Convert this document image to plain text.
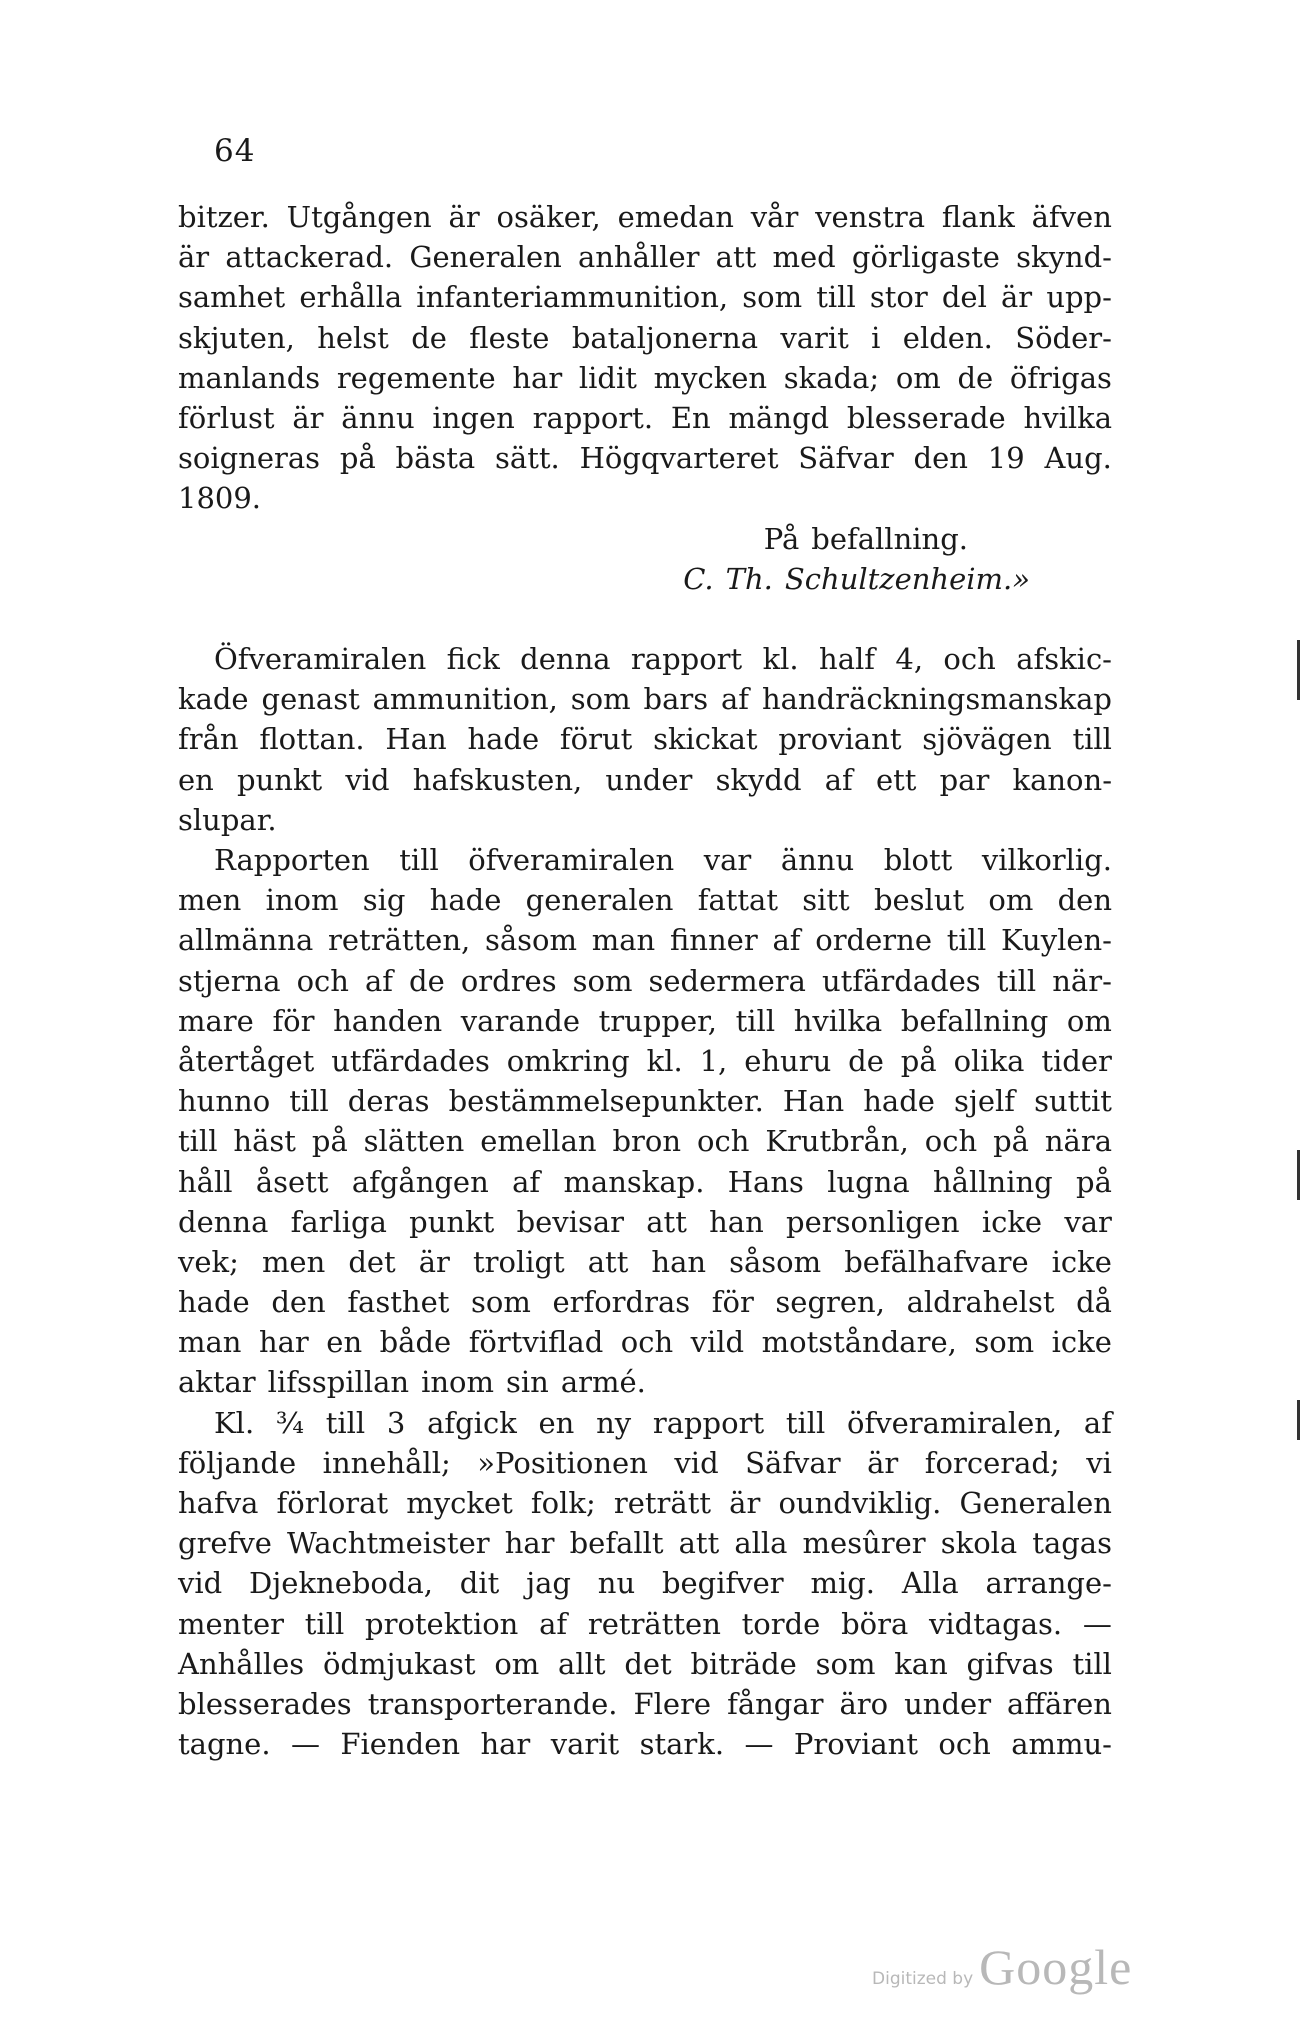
64
bitzer. Utgången är osäker, emedan vår venstra flank äfven
är attackerad. Generalen anhåller att med görligaste skynd-
samhet erhålla infanteriammunition, som till stor del är upp-
skjuten, helst de fleste bataljonerna varit i elden. Söder-
manlands regemente har lidit mycken skada; om de öfrigas
förlust är ännu ingen rapport. En mängd blesserade hvilka
soigneras på bästa sätt. Högqvarteret Säfvar den 19 Aug.
1809.
På befallning.
C. Th. Schultzenheim.»
Öfveramiralen fick denna rapport kl. half 4, och afskic-
kade genast ammunition, som bars af handräckningsmanskap
från flottan. Han hade förut skickat proviant sjövägen till
en punkt vid hafskusten, under skydd af ett par kanon-
slupar.
Rapporten till öfveramiralen var ännu blott vilkorlig.
men inom sig hade generalen fattat sitt beslut om den
allmänna reträtten, såsom man finner af orderne till Kuylen-
stjerna och af de ordres som sedermera utfärdades till när-
mare för handen varande trupper, till hvilka befallning om
återtåget utfärdades omkring kl. 1, ehuru de på olika tider
hunno till deras bestämmelsepunkter. Han hade sjelf suttit
till häst på slätten emellan bron och Krutbrån, och på nära
håll åsett afgången af manskap. Hans lugna hållning på
denna farliga punkt bevisar att han personligen icke var
vek; men det är troligt att han såsom befälhafvare icke
hade den fasthet som erfordras för segren, aldrahelst då
man har en både förtviflad och vild motståndare, som icke
aktar lifsspillan inom sin armé.
Kl. ¾ till 3 afgick en ny rapport till öfveramiralen, af
följande innehåll; »Positionen vid Säfvar är forcerad; vi
hafva förlorat mycket folk; reträtt är oundviklig. Generalen
grefve Wachtmeister har befallt att alla mesûrer skola tagas
vid Djekneboda, dit jag nu begifver mig. Alla arrange-
menter till protektion af reträtten torde böra vidtagas. —
Anhålles ödmjukast om allt det biträde som kan gifvas till
blesserades transporterande. Flere fångar äro under affären
tagne. — Fienden har varit stark. — Proviant och ammu-
Digitized by Google
